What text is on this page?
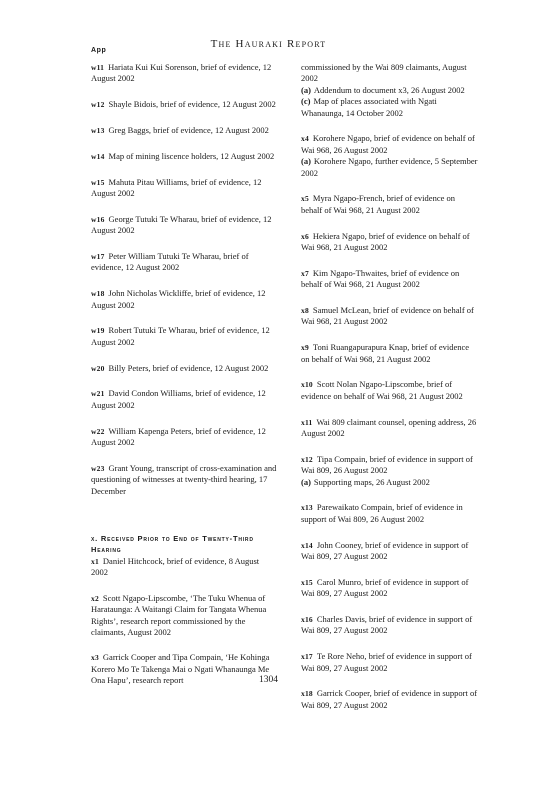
App
The Hauraki Report
w11 Hariata Kui Kui Sorenson, brief of evidence, 12 August 2002
w12 Shayle Bidois, brief of evidence, 12 August 2002
w13 Greg Baggs, brief of evidence, 12 August 2002
w14 Map of mining liscence holders, 12 August 2002
w15 Mahuta Pitau Williams, brief of evidence, 12 August 2002
w16 George Tutuki Te Wharau, brief of evidence, 12 August 2002
w17 Peter William Tutuki Te Wharau, brief of evidence, 12 August 2002
w18 John Nicholas Wickliffe, brief of evidence, 12 August 2002
w19 Robert Tutuki Te Wharau, brief of evidence, 12 August 2002
w20 Billy Peters, brief of evidence, 12 August 2002
w21 David Condon Williams, brief of evidence, 12 August 2002
w22 William Kapenga Peters, brief of evidence, 12 August 2002
w23 Grant Young, transcript of cross-examination and questioning of witnesses at twenty-third hearing, 17 December
x. Received Prior to End of Twenty-Third Hearing
x1 Daniel Hitchcock, brief of evidence, 8 August 2002
x2 Scott Ngapo-Lipscombe, ‘The Tuku Whenua of Harataunga: A Waitangi Claim for Tangata Whenua Rights’, research report commissioned by the claimants, August 2002
x3 Garrick Cooper and Tipa Compain, ‘He Kohinga Korero Mo Te Takenga Mai o Ngati Whanaunga Me Ona Hapu’, research report
commissioned by the Wai 809 claimants, August 2002
(a) Addendum to document x3, 26 August 2002
(c) Map of places associated with Ngati Whanaunga, 14 October 2002
x4 Korohere Ngapo, brief of evidence on behalf of Wai 968, 26 August 2002
(a) Korohere Ngapo, further evidence, 5 September 2002
x5 Myra Ngapo-French, brief of evidence on behalf of Wai 968, 21 August 2002
x6 Hekiera Ngapo, brief of evidence on behalf of Wai 968, 21 August 2002
x7 Kim Ngapo-Thwaites, brief of evidence on behalf of Wai 968, 21 August 2002
x8 Samuel McLean, brief of evidence on behalf of Wai 968, 21 August 2002
x9 Toni Ruangapurapura Knap, brief of evidence on behalf of Wai 968, 21 August 2002
x10 Scott Nolan Ngapo-Lipscombe, brief of evidence on behalf of Wai 968, 21 August 2002
x11 Wai 809 claimant counsel, opening address, 26 August 2002
x12 Tipa Compain, brief of evidence in support of Wai 809, 26 August 2002
(a) Supporting maps, 26 August 2002
x13 Parewaikato Compain, brief of evidence in support of Wai 809, 26 August 2002
x14 John Cooney, brief of evidence in support of Wai 809, 27 August 2002
x15 Carol Munro, brief of evidence in support of Wai 809, 27 August 2002
x16 Charles Davis, brief of evidence in support of Wai 809, 27 August 2002
x17 Te Rore Neho, brief of evidence in support of Wai 809, 27 August 2002
x18 Garrick Cooper, brief of evidence in support of Wai 809, 27 August 2002
1304
